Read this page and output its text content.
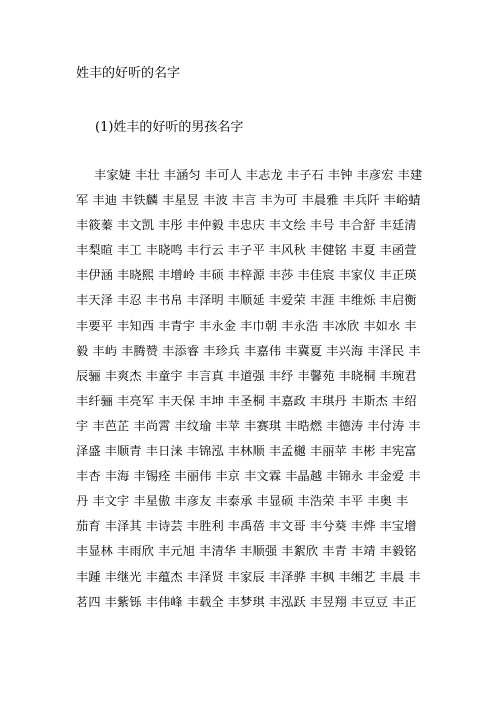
姓丰的好听的名字
(1)姓丰的好听的男孩名字
丰家婕 丰壮 丰涵匀 丰可人 丰志龙 丰子石 丰钟 丰彦宏 丰建
军 丰迪 丰铁麟 丰星昱 丰波 丰言 丰为可 丰晨雅 丰兵阡 丰峪蜻
丰筱蓁 丰文凯 丰彤 丰仲毅 丰忠庆 丰文绘 丰号 丰合舒 丰廷清
丰梨暄 丰工 丰晓鸣 丰行云 丰子平 丰风秋 丰健铭 丰夏 丰函萱
丰伊涵 丰晓熙 丰增岭 丰硕 丰梓源 丰莎 丰佳宸 丰家仪 丰正瑛
丰天泽 丰忍 丰书帛 丰泽明 丰顺延 丰爱荣 丰涯 丰维烁 丰启衡
丰要平 丰知西 丰青宇 丰永金 丰巾朝 丰永浩 丰冰欣 丰如水 丰
毅 丰屿 丰腾赞 丰添睿 丰珍兵 丰嘉伟 丰冀夏 丰兴海 丰泽民 丰
辰骊 丰爽杰 丰童宇 丰言真 丰道强 丰纾 丰馨苑 丰晓桐 丰琬君
丰纤骊 丰亮军 丰天保 丰坤 丰圣桐 丰嘉政 丰琪丹 丰斯杰 丰绍
宇 丰芭芷 丰尚霄 丰纹瑜 丰苹 丰赛琪 丰晧燃 丰德涛 丰付涛 丰
泽盛 丰顺青 丰日涞 丰锦泓 丰林顺 丰孟樾 丰丽苹 丰彬 丰宪富
丰杏 丰海 丰锡痊 丰丽伟 丰京 丰文霖 丰晶越 丰锦永 丰金爱 丰
丹 丰文宇 丰星傲 丰彦友 丰泰承 丰显硕 丰浩荣 丰平 丰奥 丰
茄育 丰泽其 丰诗芸 丰胜利 丰禹蓓 丰文哥 丰兮葵 丰烨 丰宝增
丰显林 丰雨欣 丰元旭 丰清华 丰顺强 丰絮欣 丰青 丰靖 丰毅铭
丰踵 丰继光 丰蕴杰 丰泽贤 丰家辰 丰泽骅 丰枫 丰缃艺 丰晨 丰
茗四 丰紫铄 丰伟峰 丰载全 丰梦琪 丰泓跃 丰昱翔 丰豆豆 丰正
